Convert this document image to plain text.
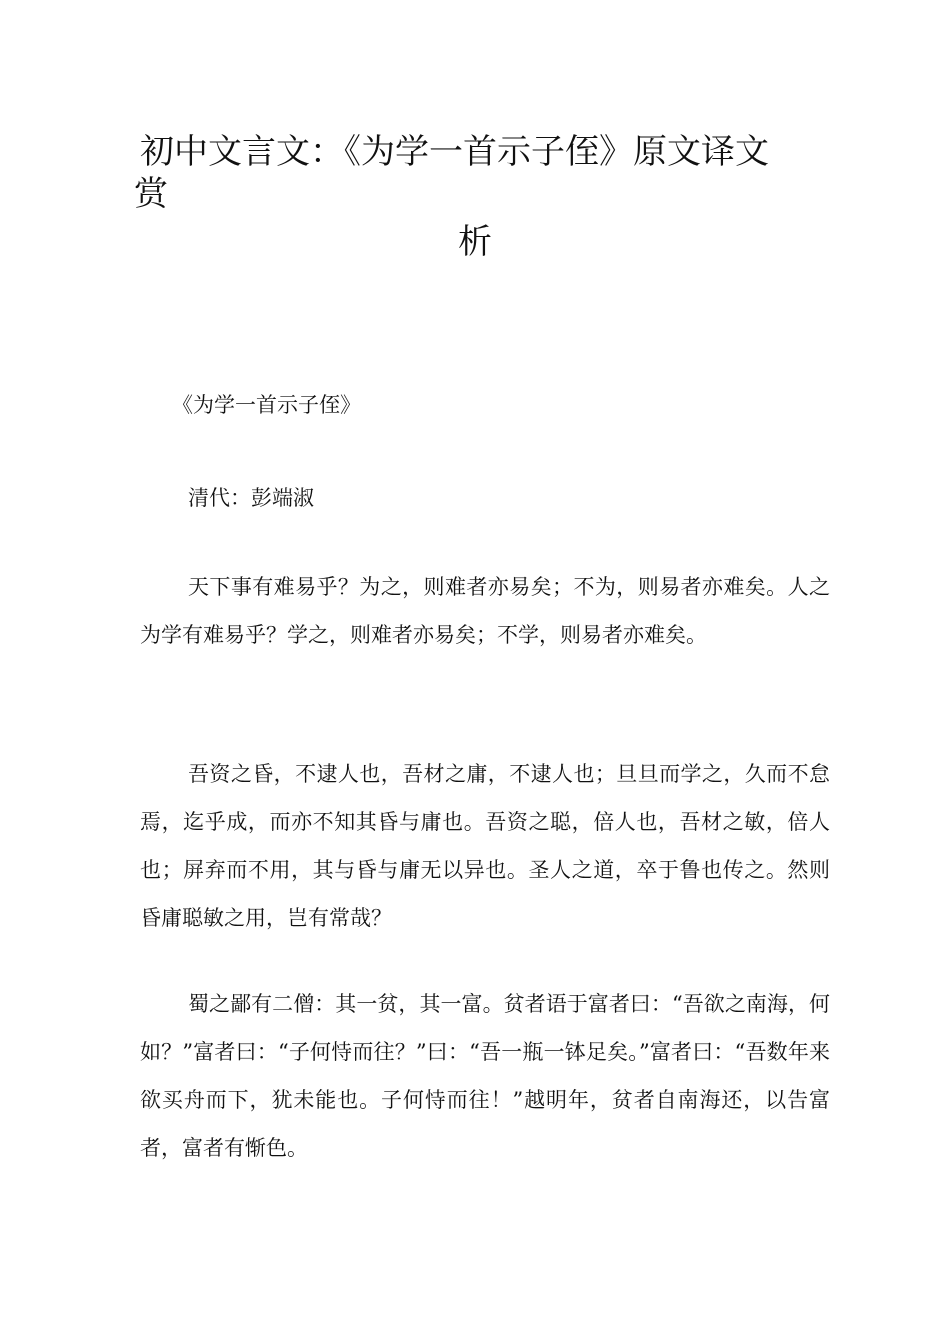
初中文言文：《为学一首示子侄》原文译文
赏
析
《为学一首示子侄》
清代：彭端淑

天下事有难易乎？为之，则难者亦易矣；不为，则易者亦难矣。人之为学有难易乎？学之，则难者亦易矣；不学，则易者亦难矣。

吾资之昏，不逮人也，吾材之庸，不逮人也；旦旦而学之，久而不怠焉，迄乎成，而亦不知其昏与庸也。吾资之聪，倍人也，吾材之敏，倍人也；屏弃而不用，其与昏与庸无以异也。圣人之道，卒于鲁也传之。然则昏庸聪敏之用，岂有常哉？

蜀之鄙有二僧：其一贫，其一富。贫者语于富者曰：“吾欲之南海，何如？”富者曰：“子何恃而往？”曰：“吾一瓶一钵足矣。”富者曰：“吾数年来欲买舟而下，犹未能也。子何恃而往！”越明年，贫者自南海还，以告富者，富者有惭色。
